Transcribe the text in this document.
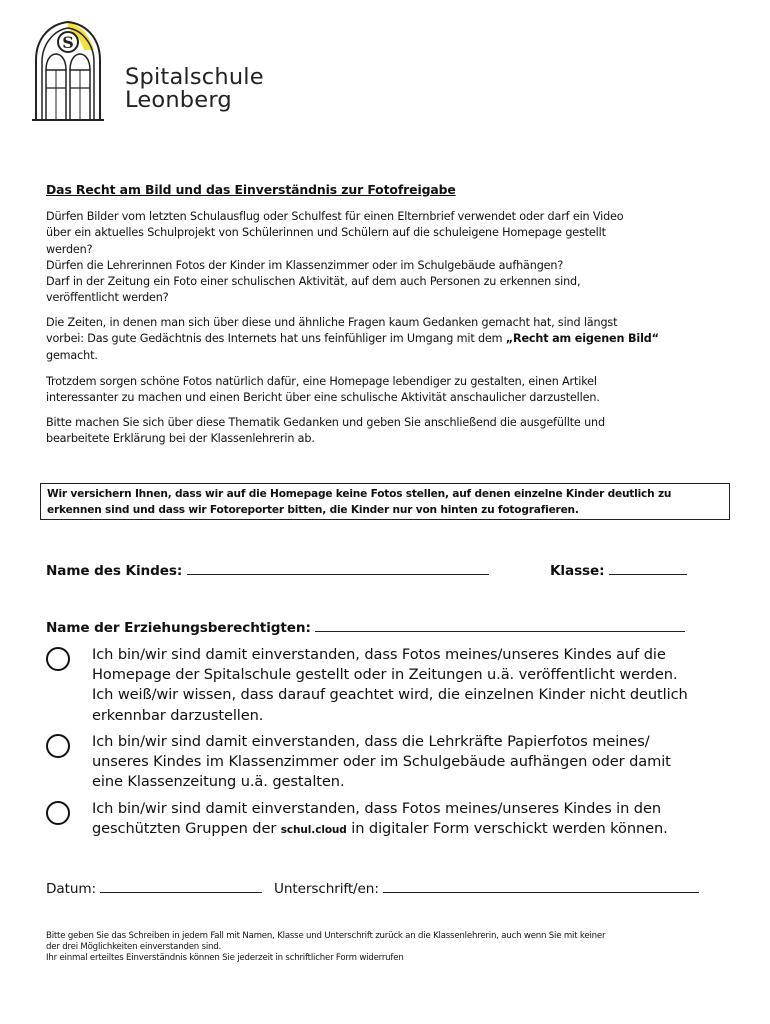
S
Spitalschule
Leonberg
Das Recht am Bild und das Einverständnis zur Fotofreigabe
Dürfen Bilder vom letzten Schulausflug oder Schulfest für einen Elternbrief verwendet oder darf ein Video
über ein aktuelles Schulprojekt von Schülerinnen und Schülern auf die schuleigene Homepage gestellt
werden?
Dürfen die Lehrerinnen Fotos der Kinder im Klassenzimmer oder im Schulgebäude aufhängen?
Darf in der Zeitung ein Foto einer schulischen Aktivität, auf dem auch Personen zu erkennen sind,
veröffentlicht werden?
Die Zeiten, in denen man sich über diese und ähnliche Fragen kaum Gedanken gemacht hat, sind längst
vorbei: Das gute Gedächtnis des Internets hat uns feinfühliger im Umgang mit dem „Recht am eigenen Bild“
gemacht.
Trotzdem sorgen schöne Fotos natürlich dafür, eine Homepage lebendiger zu gestalten, einen Artikel
interessanter zu machen und einen Bericht über eine schulische Aktivität anschaulicher darzustellen.
Bitte machen Sie sich über diese Thematik Gedanken und geben Sie anschließend die ausgefüllte und
bearbeitete Erklärung bei der Klassenlehrerin ab.
Wir versichern Ihnen, dass wir auf die Homepage keine Fotos stellen, auf denen einzelne Kinder deutlich zu
erkennen sind und dass wir Fotoreporter bitten, die Kinder nur von hinten zu fotografieren.
Name des Kindes:	Klasse:
Name der Erziehungsberechtigten:
Ich bin/wir sind damit einverstanden, dass Fotos meines/unseres Kindes auf die
Homepage der Spitalschule gestellt oder in Zeitungen u.ä. veröffentlicht werden.
Ich weiß/wir wissen, dass darauf geachtet wird, die einzelnen Kinder nicht deutlich
erkennbar darzustellen.
Ich bin/wir sind damit einverstanden, dass die Lehrkräfte Papierfotos meines/
unseres Kindes im Klassenzimmer oder im Schulgebäude aufhängen oder damit
eine Klassenzeitung u.ä. gestalten.
Ich bin/wir sind damit einverstanden, dass Fotos meines/unseres Kindes in den
geschützten Gruppen der schul.cloud in digitaler Form verschickt werden können.
Datum:	Unterschrift/en:
Bitte geben Sie das Schreiben in jedem Fall mit Namen, Klasse und Unterschrift zurück an die Klassenlehrerin, auch wenn Sie mit keiner
der drei Möglichkeiten einverstanden sind.
Ihr einmal erteiltes Einverständnis können Sie jederzeit in schriftlicher Form widerrufen
